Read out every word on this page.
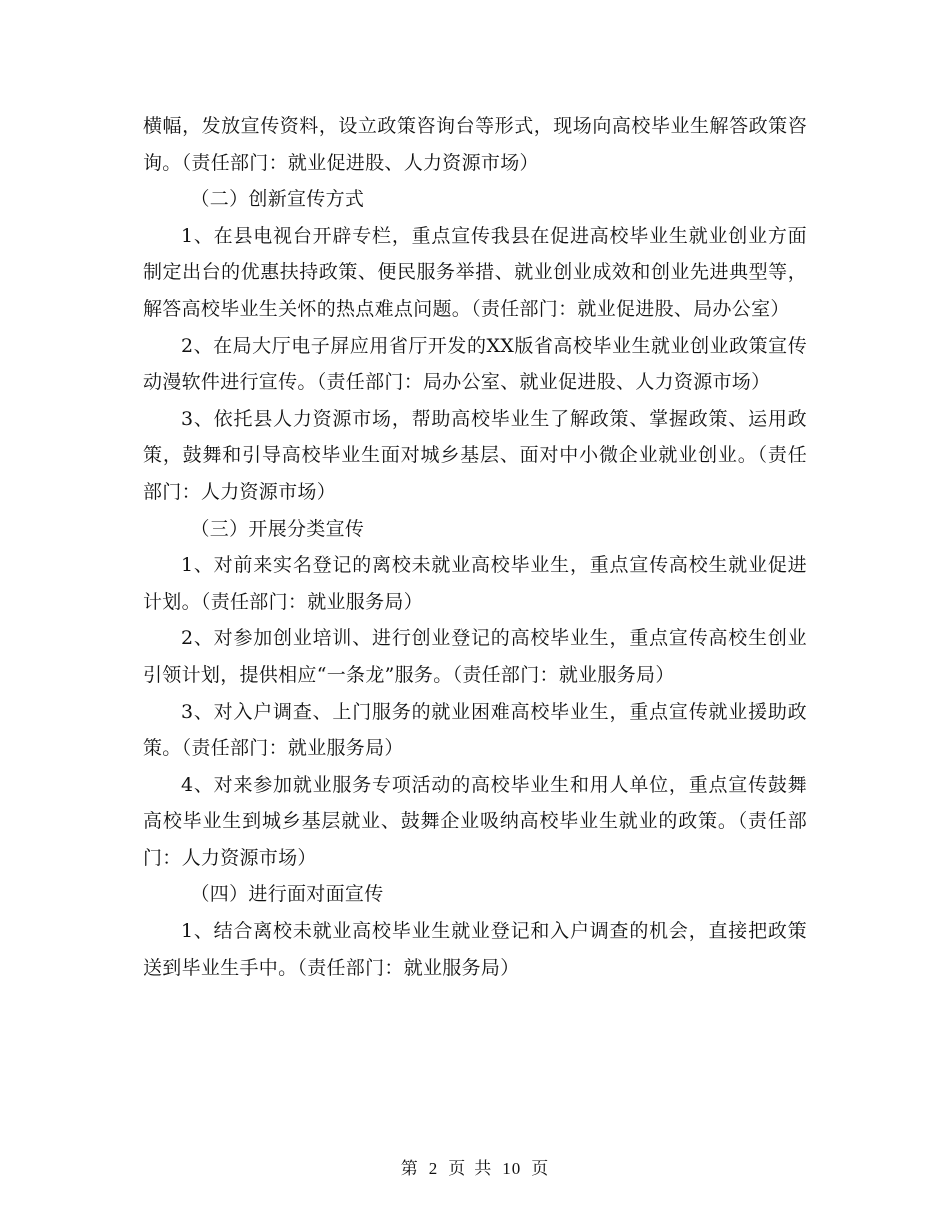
横幅，发放宣传资料，设立政策咨询台等形式，现场向高校毕业生解答政策咨询。（责任部门：就业促进股、人力资源市场）

（二）创新宣传方式

1、在县电视台开辟专栏，重点宣传我县在促进高校毕业生就业创业方面制定出台的优惠扶持政策、便民服务举措、就业创业成效和创业先进典型等，解答高校毕业生关怀的热点难点问题。（责任部门：就业促进股、局办公室）

2、在局大厅电子屏应用省厅开发的XX版省高校毕业生就业创业政策宣传动漫软件进行宣传。（责任部门：局办公室、就业促进股、人力资源市场）

3、依托县人力资源市场，帮助高校毕业生了解政策、掌握政策、运用政策，鼓舞和引导高校毕业生面对城乡基层、面对中小微企业就业创业。（责任部门：人力资源市场）

（三）开展分类宣传

1、对前来实名登记的离校未就业高校毕业生，重点宣传高校生就业促进计划。（责任部门：就业服务局）

2、对参加创业培训、进行创业登记的高校毕业生，重点宣传高校生创业引领计划，提供相应“一条龙”服务。（责任部门：就业服务局）

3、对入户调查、上门服务的就业困难高校毕业生，重点宣传就业援助政策。（责任部门：就业服务局）

4、对来参加就业服务专项活动的高校毕业生和用人单位，重点宣传鼓舞高校毕业生到城乡基层就业、鼓舞企业吸纳高校毕业生就业的政策。（责任部门：人力资源市场）

（四）进行面对面宣传

1、结合离校未就业高校毕业生就业登记和入户调查的机会，直接把政策送到毕业生手中。（责任部门：就业服务局）

第 2 页 共 10 页
